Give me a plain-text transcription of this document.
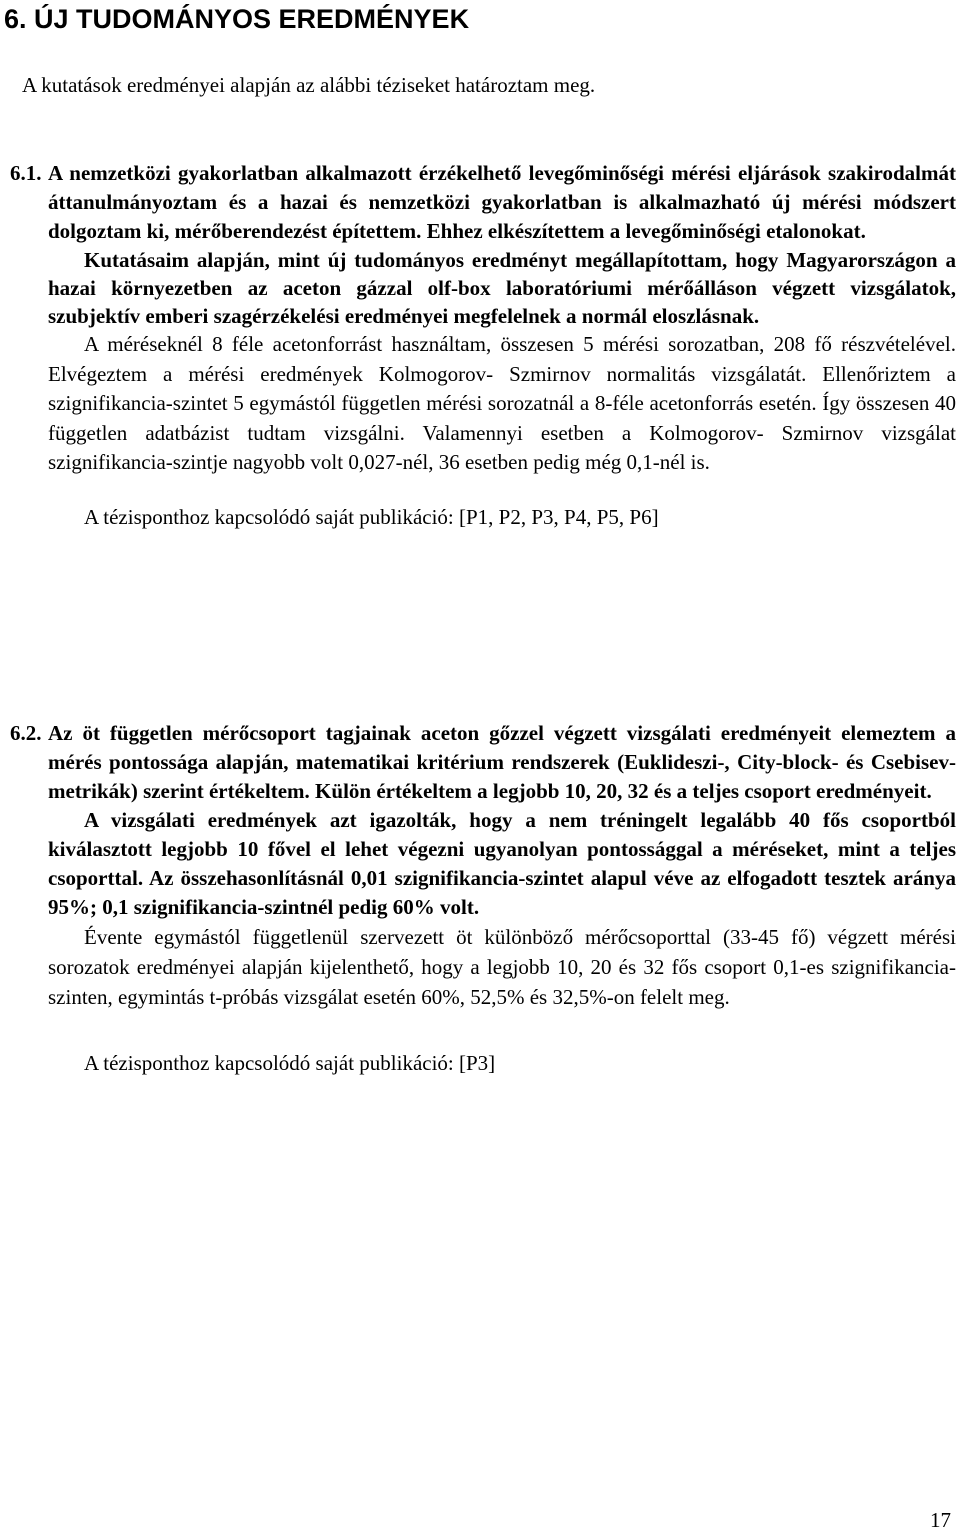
6. ÚJ TUDOMÁNYOS EREDMÉNYEK
A kutatások eredményei alapján az alábbi téziseket határoztam meg.
6.1. A nemzetközi gyakorlatban alkalmazott érzékelhető levegőminőségi mérési eljárások szakirodalmát áttanulmányoztam és a hazai és nemzetközi gyakorlatban is alkalmazható új mérési módszert dolgoztam ki, mérőberendezést építettem. Ehhez elkészítettem a levegőminőségi etalonokat.

Kutatásaim alapján, mint új tudományos eredményt megállapítottam, hogy Magyarországon a hazai környezetben az aceton gázzal olf-box laboratóriumi mérőálláson végzett vizsgálatok, szubjektív emberi szagérzékelési eredményei megfelelnek a normál eloszlásnak.

A méréseknél 8 féle acetonforrást használtam, összesen 5 mérési sorozatban, 208 fő részvételével. Elvégeztem a mérési eredmények Kolmogorov- Szmirnov normalitás vizsgálatát. Ellenőriztem a szignifikancia-szintet 5 egymástól független mérési sorozatnál a 8-féle acetonforrás esetén. Így összesen 40 független adatbázist tudtam vizsgálni. Valamennyi esetben a Kolmogorov- Szmirnov vizsgálat szignifikancia-szintje nagyobb volt 0,027-nél, 36 esetben pedig még 0,1-nél is.

A tézisponthoz kapcsolódó saját publikáció: [P1, P2, P3, P4, P5, P6]

6.2. Az öt független mérőcsoport tagjainak aceton gőzzel végzett vizsgálati eredményeit elemeztem a mérés pontossága alapján, matematikai kritérium rendszerek (Euklideszi-, City-block- és Csebisev-metrikák) szerint értékeltem. Külön értékeltem a legjobb 10, 20, 32 és a teljes csoport eredményeit.

A vizsgálati eredmények azt igazolták, hogy a nem tréningelt legalább 40 fős csoportból kiválasztott legjobb 10 fővel el lehet végezni ugyanolyan pontossággal a méréseket, mint a teljes csoporttal. Az összehasonlításnál 0,01 szignifikancia-szintet alapul véve az elfogadott tesztek aránya 95%; 0,1 szignifikancia-szintnél pedig 60% volt.

Évente egymástól függetlenül szervezett öt különböző mérőcsoporttal (33-45 fő) végzett mérési sorozatok eredményei alapján kijelenthető, hogy a legjobb 10, 20 és 32 fős csoport 0,1-es szignifikancia-szinten, egymintás t-próbás vizsgálat esetén 60%, 52,5% és 32,5%-on felelt meg.

A tézisponthoz kapcsolódó saját publikáció: [P3]

17
